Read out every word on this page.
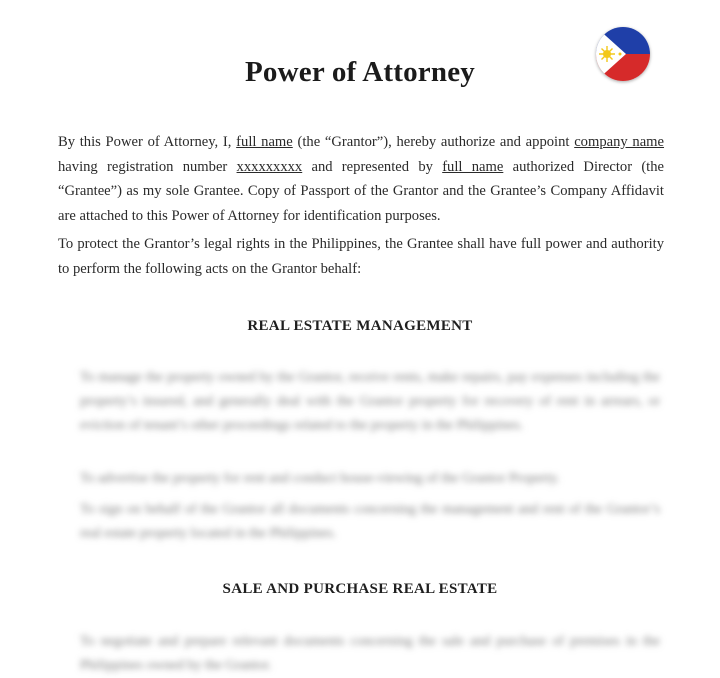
Power of Attorney
By this Power of Attorney, I, full name (the “Grantor”), hereby authorize and appoint company name having registration number xxxxxxxxx and represented by full name authorized Director (the “Grantee”) as my sole Grantee. Copy of Passport of the Grantor and the Grantee’s Company Affidavit are attached to this Power of Attorney for identification purposes.
To protect the Grantor’s legal rights in the Philippines, the Grantee shall have full power and authority to perform the following acts on the Grantor behalf:
REAL ESTATE MANAGEMENT
To manage the property owned by the Grantor, receive rents, make repairs, pay expenses including the property’s insured, and generally deal with the Grantor property for recovery of rent in arrears, or eviction of tenant’s other proceedings related to the property in the Philippines.
To advertise the property for rent and conduct house-viewing of the Grantor Property.
To sign on behalf of the Grantor all documents concerning the management and rent of the Grantor’s real estate property located in the Philippines.
SALE AND PURCHASE REAL ESTATE
To negotiate and prepare relevant documents concerning the sale and purchase of premises in the Philippines owned by the Grantor.
